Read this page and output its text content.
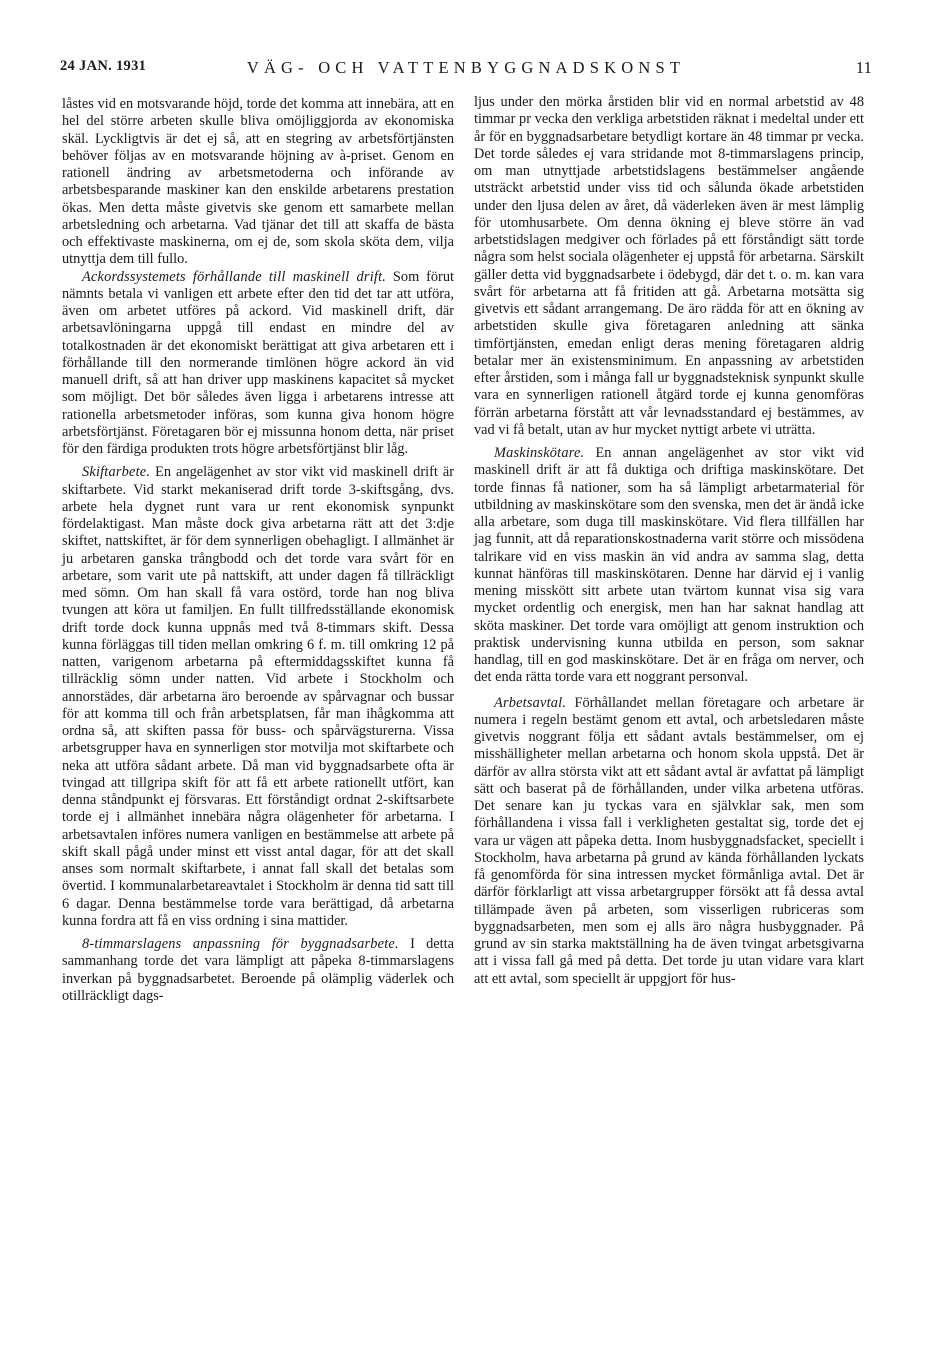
24 JAN. 1931	VÄG- OCH VATTENBYGGNADSKONST	11

låstes vid en motsvarande höjd, torde det komma att innebära, att en hel del större arbeten skulle bliva omöjliggjorda av ekonomiska skäl. Lyckligtvis är det ej så, att en stegring av arbetsförtjänsten behöver följas av en motsvarande höjning av à-priset. Genom en rationell ändring av arbetsmetoderna och införande av arbetsbesparande maskiner kan den enskilde arbetarens prestation ökas. Men detta måste givetvis ske genom ett samarbete mellan arbetsledning och arbetarna. Vad tjänar det till att skaffa de bästa och effektivaste maskinerna, om ej de, som skola sköta dem, vilja utnyttja dem till fullo.

Ackordssystemets förhållande till maskinell drift. Som förut nämnts betala vi vanligen ett arbete efter den tid det tar att utföra, även om arbetet utföres på ackord. Vid maskinell drift, där arbetsavlöningarna uppgå till endast en mindre del av totalkostnaden är det ekonomiskt berättigat att giva arbetaren ett i förhållande till den normerande timlönen högre ackord än vid manuell drift, så att han driver upp maskinens kapacitet så mycket som möjligt. Det bör således även ligga i arbetarens intresse att rationella arbetsmetoder införas, som kunna giva honom högre arbetsförtjänst. Företagaren bör ej missunna honom detta, när priset för den färdiga produkten trots högre arbetsförtjänst blir låg.

Skiftarbete. En angelägenhet av stor vikt vid maskinell drift är skiftarbete. Vid starkt mekaniserad drift torde 3-skiftsgång, dvs. arbete hela dygnet runt vara ur rent ekonomisk synpunkt fördelaktigast. Man måste dock giva arbetarna rätt att det 3:dje skiftet, nattskiftet, är för dem synnerligen obehagligt. I allmänhet är ju arbetaren ganska trångbodd och det torde vara svårt för en arbetare, som varit ute på nattskift, att under dagen få tillräckligt med sömn. Om han skall få vara ostörd, torde han nog bliva tvungen att köra ut familjen. En fullt tillfredsställande ekonomisk drift torde dock kunna uppnås med två 8-timmars skift. Dessa kunna förläggas till tiden mellan omkring 6 f. m. till omkring 12 på natten, varigenom arbetarna på eftermiddagsskiftet kunna få tillräcklig sömn under natten. Vid arbete i Stockholm och annorstädes, där arbetarna äro beroende av spårvagnar och bussar för att komma till och från arbetsplatsen, får man ihågkomma att ordna så, att skiften passa för buss- och spårvägsturerna. Vissa arbetsgrupper hava en synnerligen stor motvilja mot skiftarbete och neka att utföra sådant arbete. Då man vid byggnadsarbete ofta är tvingad att tillgripa skift för att få ett arbete rationellt utfört, kan denna ståndpunkt ej försvaras. Ett förståndigt ordnat 2-skiftsarbete torde ej i allmänhet innebära några olägenheter för arbetarna. I arbetsavtalen införes numera vanligen en bestämmelse att arbete på skift skall pågå under minst ett visst antal dagar, för att det skall anses som normalt skiftarbete, i annat fall skall det betalas som övertid. I kommunalarbetareavtalet i Stockholm är denna tid satt till 6 dagar. Denna bestämmelse torde vara berättigad, då arbetarna kunna fordra att få en viss ordning i sina mattider.

8-timmarslagens anpassning för byggnadsarbete. I detta sammanhang torde det vara lämpligt att påpeka 8-timmarslagens inverkan på byggnadsarbetet. Beroende på olämplig väderlek och otillräckligt dags-

ljus under den mörka årstiden blir vid en normal arbetstid av 48 timmar pr vecka den verkliga arbetstiden räknat i medeltal under ett år för en byggnadsarbetare betydligt kortare än 48 timmar pr vecka. Det torde således ej vara stridande mot 8-timmarslagens princip, om man utnyttjade arbetstidslagens bestämmelser angående utsträckt arbetstid under viss tid och sålunda ökade arbetstiden under den ljusa delen av året, då väderleken även är mest lämplig för utomhusarbete. Om denna ökning ej bleve större än vad arbetstidslagen medgiver och förlades på ett förståndigt sätt torde några som helst sociala olägenheter ej uppstå för arbetarna. Särskilt gäller detta vid byggnadsarbete i ödebygd, där det t. o. m. kan vara svårt för arbetarna att få fritiden att gå. Arbetarna motsätta sig givetvis ett sådant arrangemang. De äro rädda för att en ökning av arbetstiden skulle giva företagaren anledning att sänka timförtjänsten, emedan enligt deras mening företagaren aldrig betalar mer än existensminimum. En anpassning av arbetstiden efter årstiden, som i många fall ur byggnadsteknisk synpunkt skulle vara en synnerligen rationell åtgärd torde ej kunna genomföras förrän arbetarna förstått att vår levnadsstandard ej bestämmes, av vad vi få betalt, utan av hur mycket nyttigt arbete vi uträtta.

Maskinskötare. En annan angelägenhet av stor vikt vid maskinell drift är att få duktiga och driftiga maskinskötare. Det torde finnas få nationer, som ha så lämpligt arbetarmaterial för utbildning av maskinskötare som den svenska, men det är ändå icke alla arbetare, som duga till maskinskötare. Vid flera tillfällen har jag funnit, att då reparationskostnaderna varit större och missödena talrikare vid en viss maskin än vid andra av samma slag, detta kunnat hänföras till maskinskötaren. Denne har därvid ej i vanlig mening misskött sitt arbete utan tvärtom kunnat visa sig vara mycket ordentlig och energisk, men han har saknat handlag att sköta maskiner. Det torde vara omöjligt att genom instruktion och praktisk undervisning kunna utbilda en person, som saknar handlag, till en god maskinskötare. Det är en fråga om nerver, och det enda rätta torde vara ett noggrant personval.

Arbetsavtal. Förhållandet mellan företagare och arbetare är numera i regeln bestämt genom ett avtal, och arbetsledaren måste givetvis noggrant följa ett sådant avtals bestämmelser, om ej misshälligheter mellan arbetarna och honom skola uppstå. Det är därför av allra största vikt att ett sådant avtal är avfattat på lämpligt sätt och baserat på de förhållanden, under vilka arbetena utföras. Det senare kan ju tyckas vara en självklar sak, men som förhållandena i vissa fall i verkligheten gestaltat sig, torde det ej vara ur vägen att påpeka detta. Inom husbyggnadsfacket, speciellt i Stockholm, hava arbetarna på grund av kända förhållanden lyckats få genomförda för sina intressen mycket förmånliga avtal. Det är därför förklarligt att vissa arbetargrupper försökt att få dessa avtal tillämpade även på arbeten, som visserligen rubriceras som byggnadsarbeten, men som ej alls äro några husbyggnader. På grund av sin starka maktställning ha de även tvingat arbetsgivarna att i vissa fall gå med på detta. Det torde ju utan vidare vara klart att ett avtal, som speciellt är uppgjort för hus-
